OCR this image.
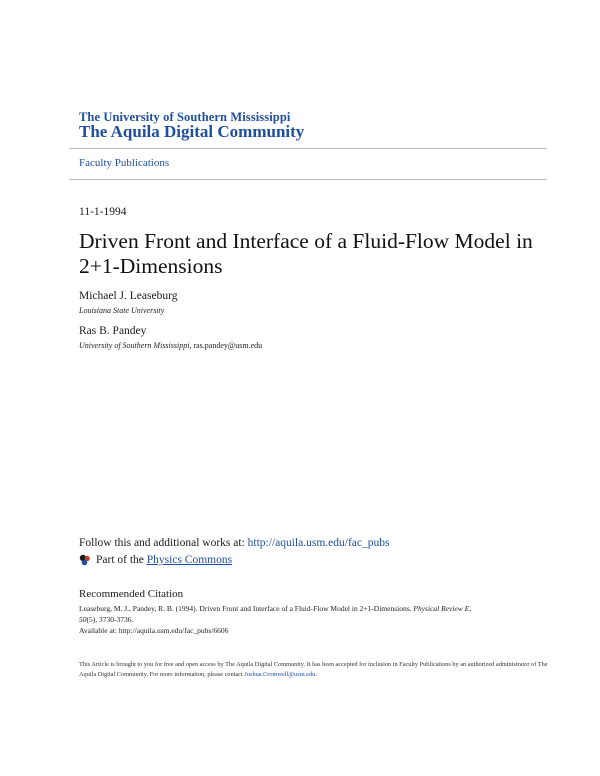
The University of Southern Mississippi
The Aquila Digital Community
Faculty Publications
11-1-1994
Driven Front and Interface of a Fluid-Flow Model in 2+1-Dimensions
Michael J. Leaseburg
Louisiana State University
Ras B. Pandey
University of Southern Mississippi, ras.pandey@usm.edu
Follow this and additional works at: http://aquila.usm.edu/fac_pubs
Part of the
Physics Commons
Recommended Citation
Leaseburg, M. J., Pandey, R. B. (1994). Driven Front and Interface of a Fluid-Flow Model in 2+1-Dimensions. Physical Review E,
50(5), 3730-3736.
Available at: http://aquila.usm.edu/fac_pubs/6606
This Article is brought to you for free and open access by The Aquila Digital Community. It has been accepted for inclusion in Faculty Publications by an authorized administrator of The Aquila Digital Community. For more information, please contact Joshua.Cromwell@usm.edu.
